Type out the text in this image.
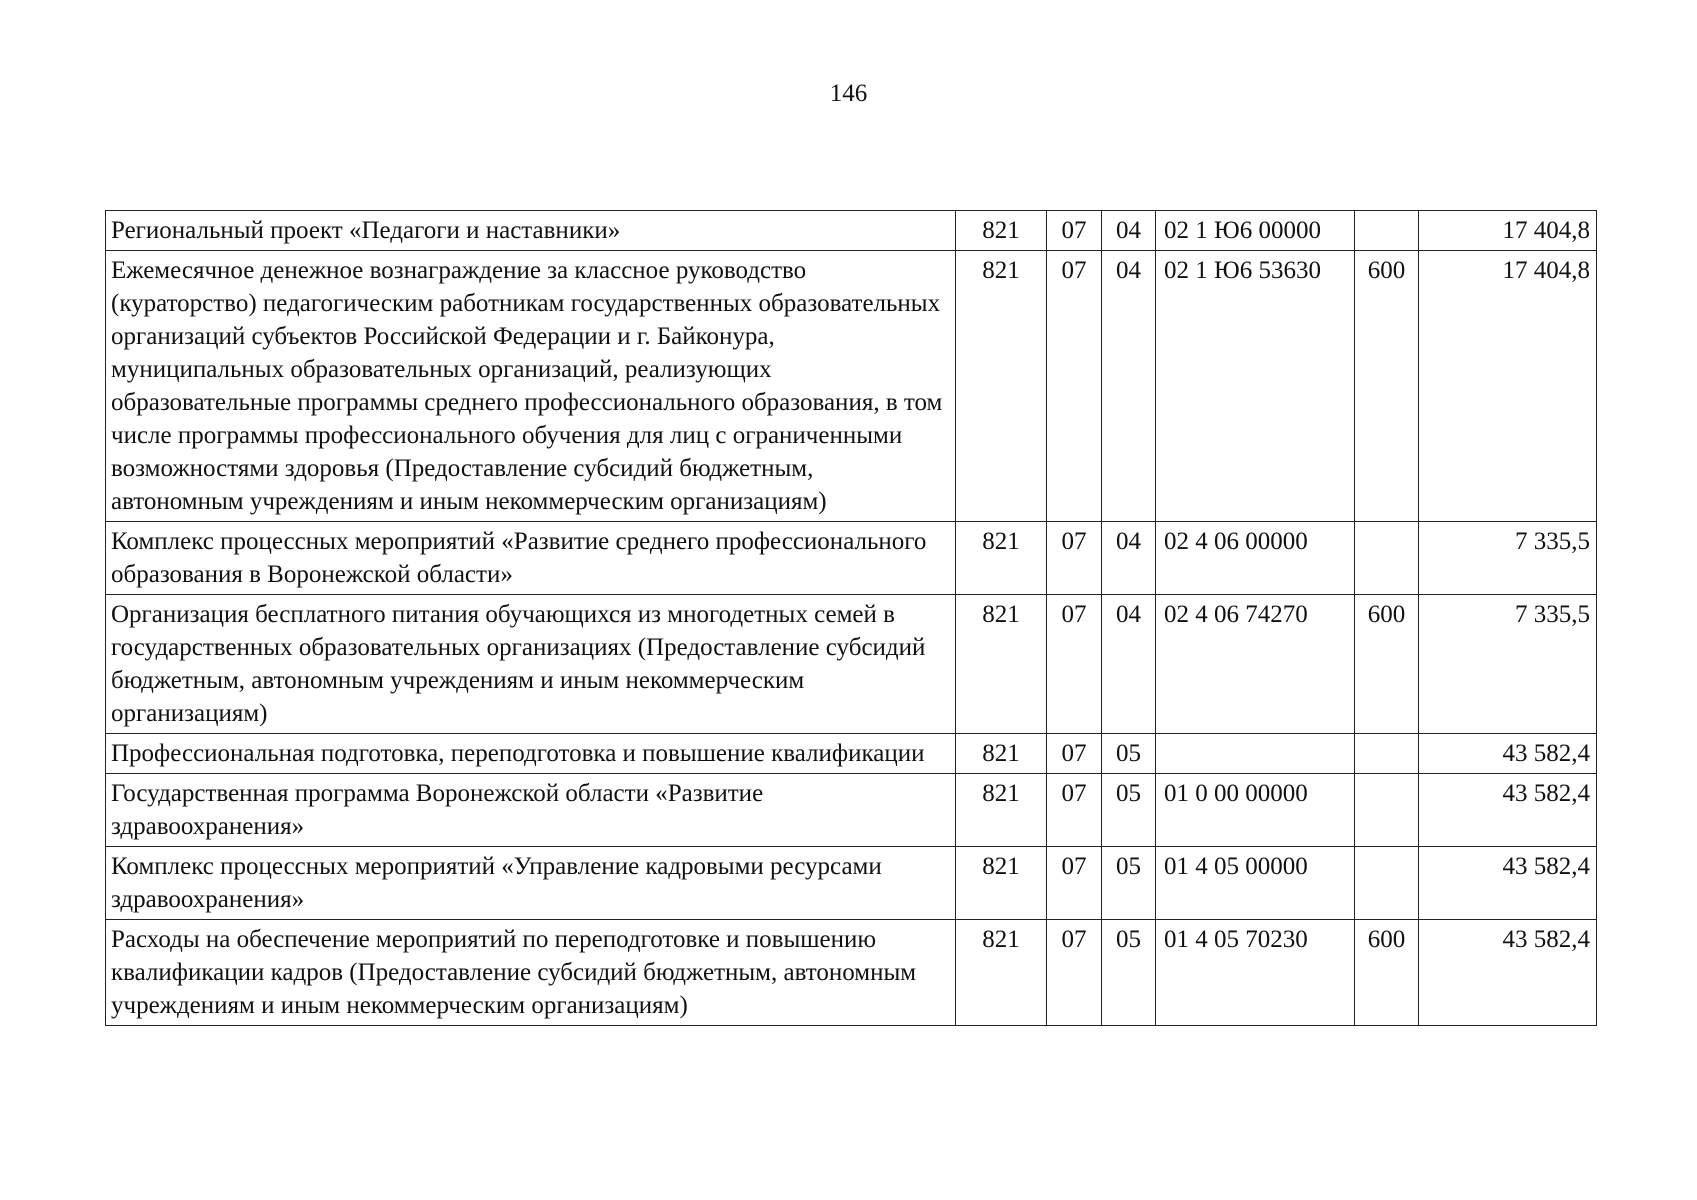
146
Региональный проект «Педагоги и наставники»	821	07	04	02 1 Ю6 00000		17 404,8
Ежемесячное денежное вознаграждение за классное руководство (кураторство) педагогическим работникам государственных образовательных организаций субъектов Российской Федерации и г. Байконура, муниципальных образовательных организаций, реализующих образовательные программы среднего профессионального образования, в том числе программы профессионального обучения для лиц с ограниченными возможностями здоровья (Предоставление субсидий бюджетным, автономным учреждениям и иным некоммерческим организациям)	821	07	04	02 1 Ю6 53630	600	17 404,8
Комплекс процессных мероприятий «Развитие среднего профессионального образования в Воронежской области»	821	07	04	02 4 06 00000		7 335,5
Организация бесплатного питания обучающихся из многодетных семей в государственных образовательных организациях (Предоставление субсидий бюджетным, автономным учреждениям и иным некоммерческим организациям)	821	07	04	02 4 06 74270	600	7 335,5
Профессиональная подготовка, переподготовка и повышение квалификации	821	07	05			43 582,4
Государственная программа Воронежской области «Развитие здравоохранения»	821	07	05	01 0 00 00000		43 582,4
Комплекс процессных мероприятий «Управление кадровыми ресурсами здравоохранения»	821	07	05	01 4 05 00000		43 582,4
Расходы на обеспечение мероприятий по переподготовке и повышению квалификации кадров (Предоставление субсидий бюджетным, автономным учреждениям и иным некоммерческим организациям)	821	07	05	01 4 05 70230	600	43 582,4
